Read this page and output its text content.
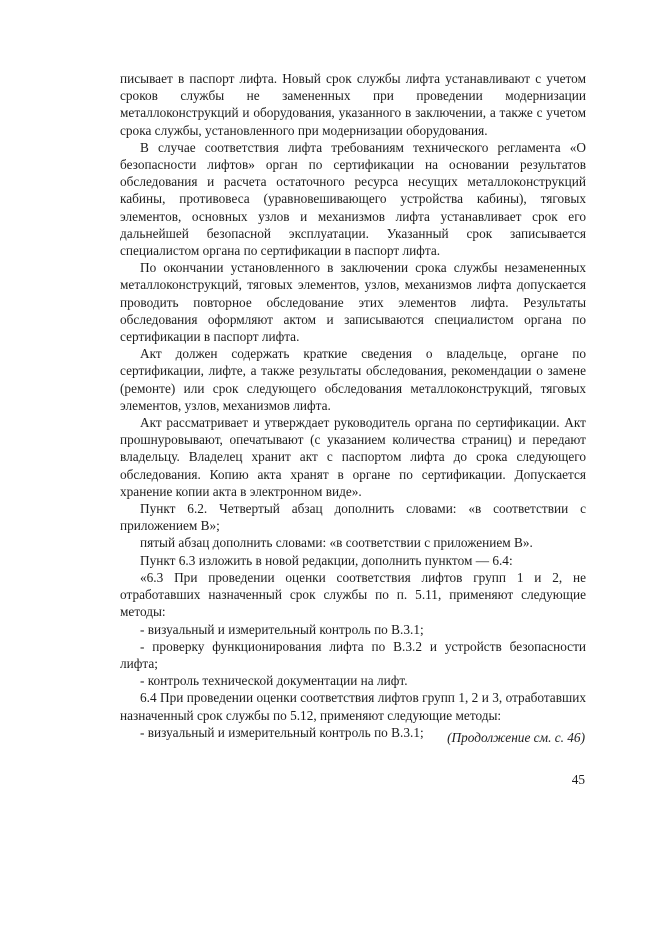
писывает в паспорт лифта. Новый срок службы лифта устанавливают с учетом сроков службы не замененных при проведении модернизации металлоконструкций и оборудования, указанного в заключении, а также с учетом срока службы, установленного при модернизации оборудования.

В случае соответствия лифта требованиям технического регламента «О безопасности лифтов» орган по сертификации на основании результатов обследования и расчета остаточного ресурса несущих металлоконструкций кабины, противовеса (уравновешивающего устройства кабины), тяговых элементов, основных узлов и механизмов лифта устанавливает срок его дальнейшей безопасной эксплуатации. Указанный срок записывается специалистом органа по сертификации в паспорт лифта.

По окончании установленного в заключении срока службы незамененных металлоконструкций, тяговых элементов, узлов, механизмов лифта допускается проводить повторное обследование этих элементов лифта. Результаты обследования оформляют актом и записываются специалистом органа по сертификации в паспорт лифта.

Акт должен содержать краткие сведения о владельце, органе по сертификации, лифте, а также результаты обследования, рекомендации о замене (ремонте) или срок следующего обследования металлоконструкций, тяговых элементов, узлов, механизмов лифта.

Акт рассматривает и утверждает руководитель органа по сертификации. Акт прошнуровывают, опечатывают (с указанием количества страниц) и передают владельцу. Владелец хранит акт с паспортом лифта до срока следующего обследования. Копию акта хранят в органе по сертификации. Допускается хранение копии акта в электронном виде».

Пункт 6.2. Четвертый абзац дополнить словами: «в соответствии с приложением В»;

пятый абзац дополнить словами: «в соответствии с приложением В».

Пункт 6.3 изложить в новой редакции, дополнить пунктом — 6.4:

«6.3 При проведении оценки соответствия лифтов групп 1 и 2, не отработавших назначенный срок службы по п. 5.11, применяют следующие методы:

- визуальный и измерительный контроль по В.3.1;

- проверку функционирования лифта по В.3.2 и устройств безопасности лифта;

- контроль технической документации на лифт.

6.4 При проведении оценки соответствия лифтов групп 1, 2 и 3, отработавших назначенный срок службы по 5.12, применяют следующие методы:

- визуальный и измерительный контроль по В.3.1;	(Продолжение см. с. 46)
45
